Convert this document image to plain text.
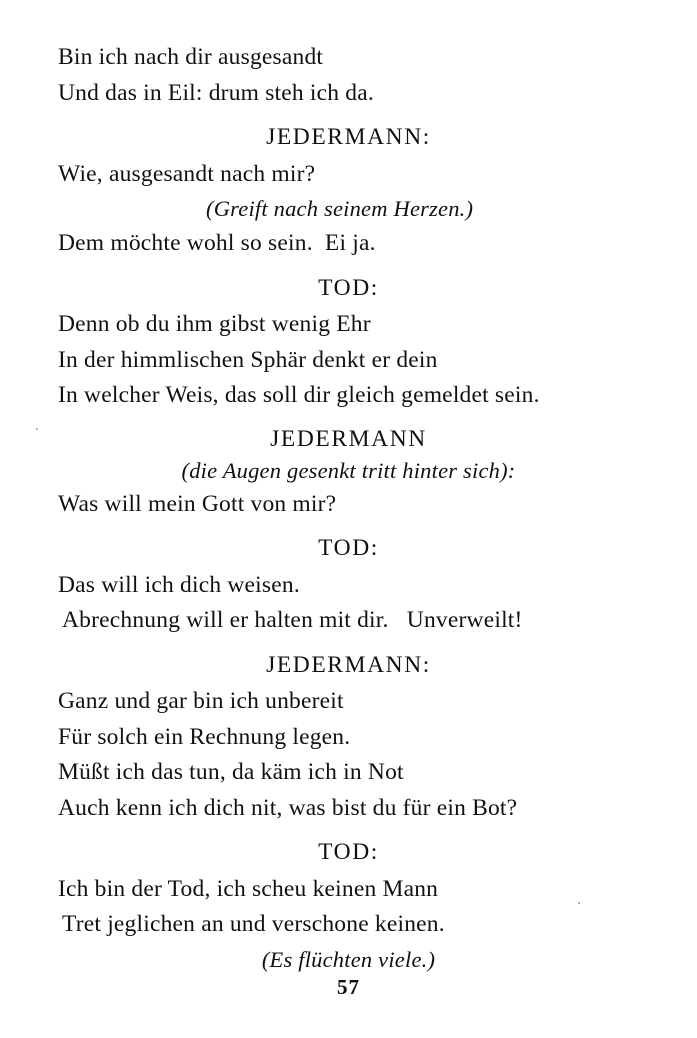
Bin ich nach dir ausgesandt
Und das in Eil: drum steh ich da.
JEDERMANN:
Wie, ausgesandt nach mir?
(Greift nach seinem Herzen.)
Dem möchte wohl so sein.  Ei ja.
TOD:
Denn ob du ihm gibst wenig Ehr
In der himmlischen Sphär denkt er dein
In welcher Weis, das soll dir gleich gemeldet sein.
JEDERMANN
(die Augen gesenkt tritt hinter sich):
Was will mein Gott von mir?
TOD:
Das will ich dich weisen.
Abrechnung will er halten mit dir.   Unverweilt!
JEDERMANN:
Ganz und gar bin ich unbereit
Für solch ein Rechnung legen.
Müßt ich das tun, da käm ich in Not
Auch kenn ich dich nit, was bist du für ein Bot?
TOD:
Ich bin der Tod, ich scheu keinen Mann
Tret jeglichen an und verschone keinen.
(Es flüchten viele.)
57
